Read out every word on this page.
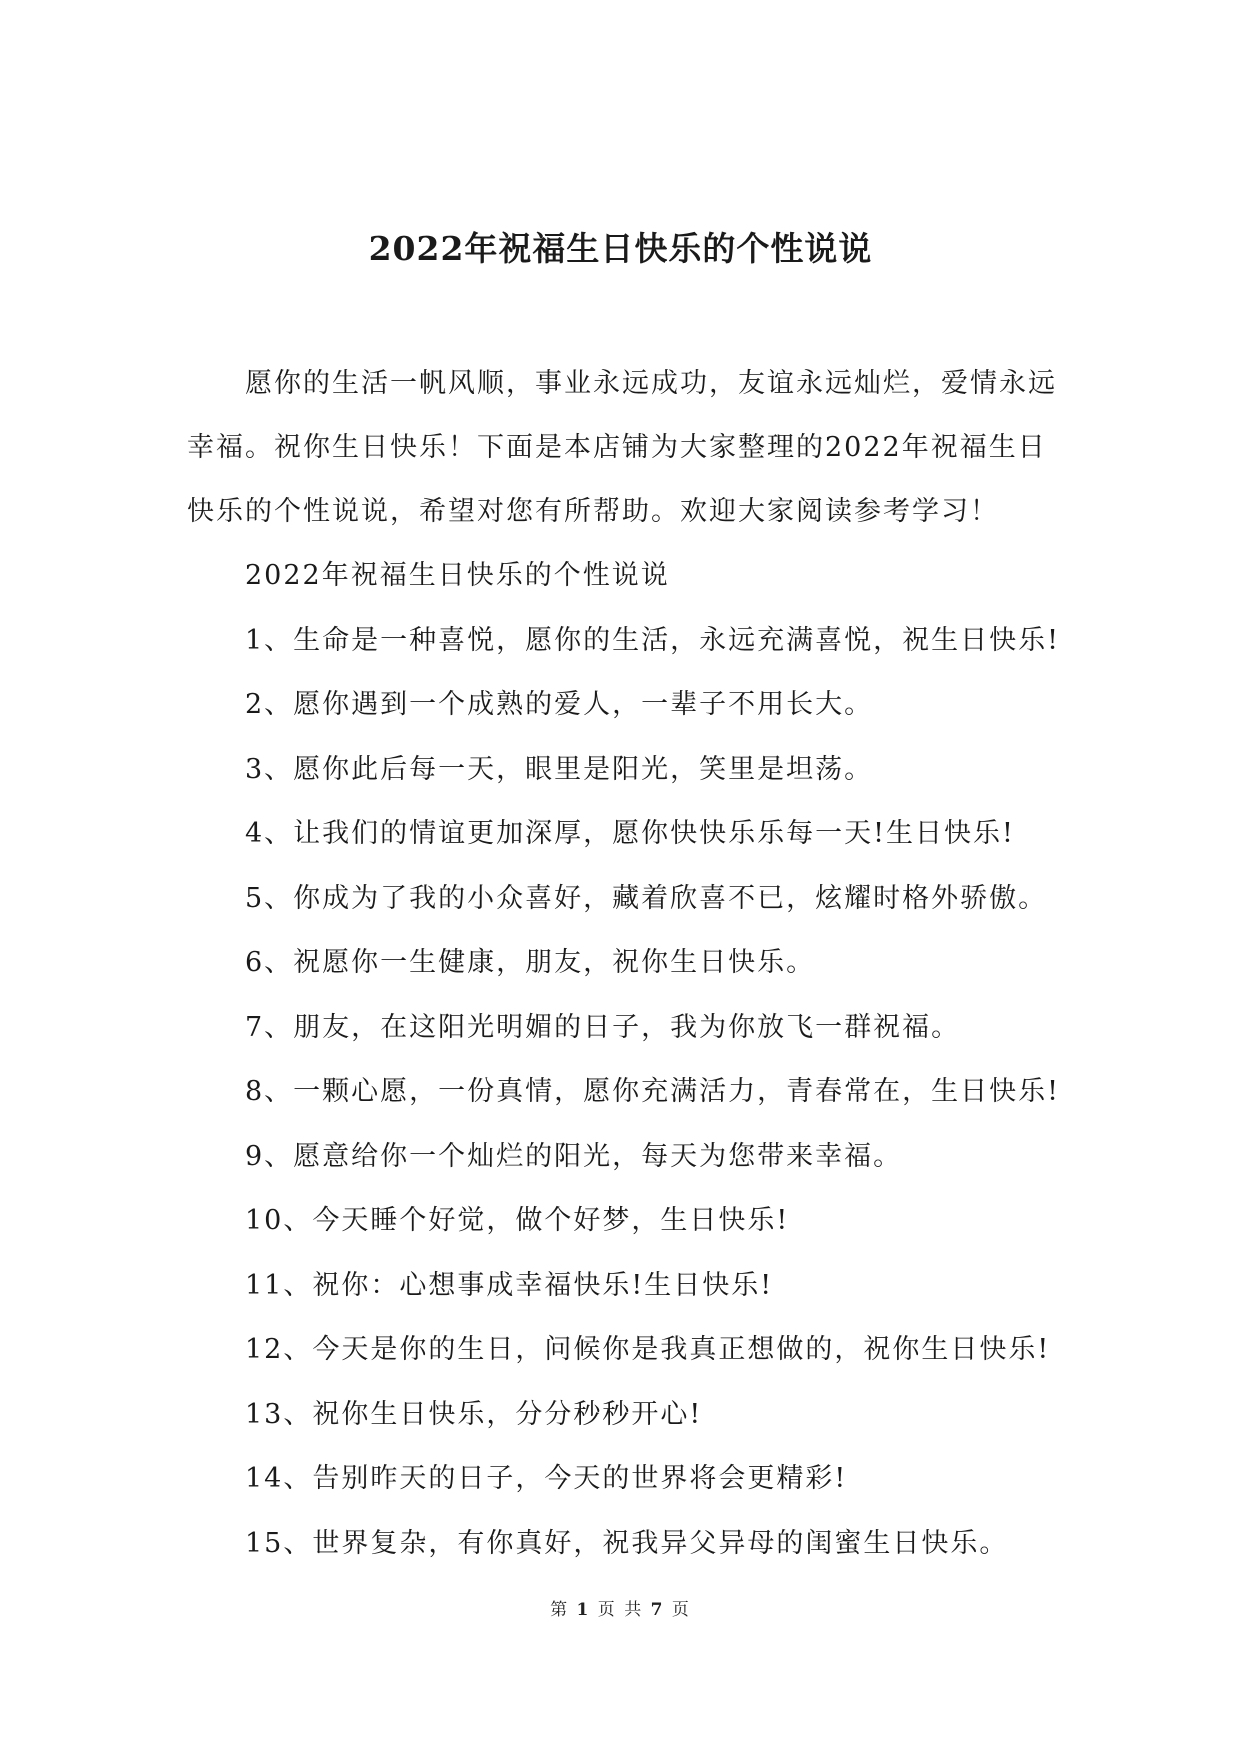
2022年祝福生日快乐的个性说说

愿你的生活一帆风顺，事业永远成功，友谊永远灿烂，爱情永远幸福。祝你生日快乐！下面是本店铺为大家整理的2022年祝福生日快乐的个性说说，希望对您有所帮助。欢迎大家阅读参考学习！

2022年祝福生日快乐的个性说说

1、生命是一种喜悦，愿你的生活，永远充满喜悦，祝生日快乐!

2、愿你遇到一个成熟的爱人，一辈子不用长大。

3、愿你此后每一天，眼里是阳光，笑里是坦荡。

4、让我们的情谊更加深厚，愿你快快乐乐每一天!生日快乐!

5、你成为了我的小众喜好，藏着欣喜不已，炫耀时格外骄傲。

6、祝愿你一生健康，朋友，祝你生日快乐。

7、朋友，在这阳光明媚的日子，我为你放飞一群祝福。

8、一颗心愿，一份真情，愿你充满活力，青春常在，生日快乐!

9、愿意给你一个灿烂的阳光，每天为您带来幸福。

10、今天睡个好觉，做个好梦，生日快乐!

11、祝你：心想事成幸福快乐!生日快乐!

12、今天是你的生日，问候你是我真正想做的，祝你生日快乐!

13、祝你生日快乐，分分秒秒开心!

14、告别昨天的日子，今天的世界将会更精彩!

15、世界复杂，有你真好，祝我异父异母的闺蜜生日快乐。

第 1 页 共 7 页
